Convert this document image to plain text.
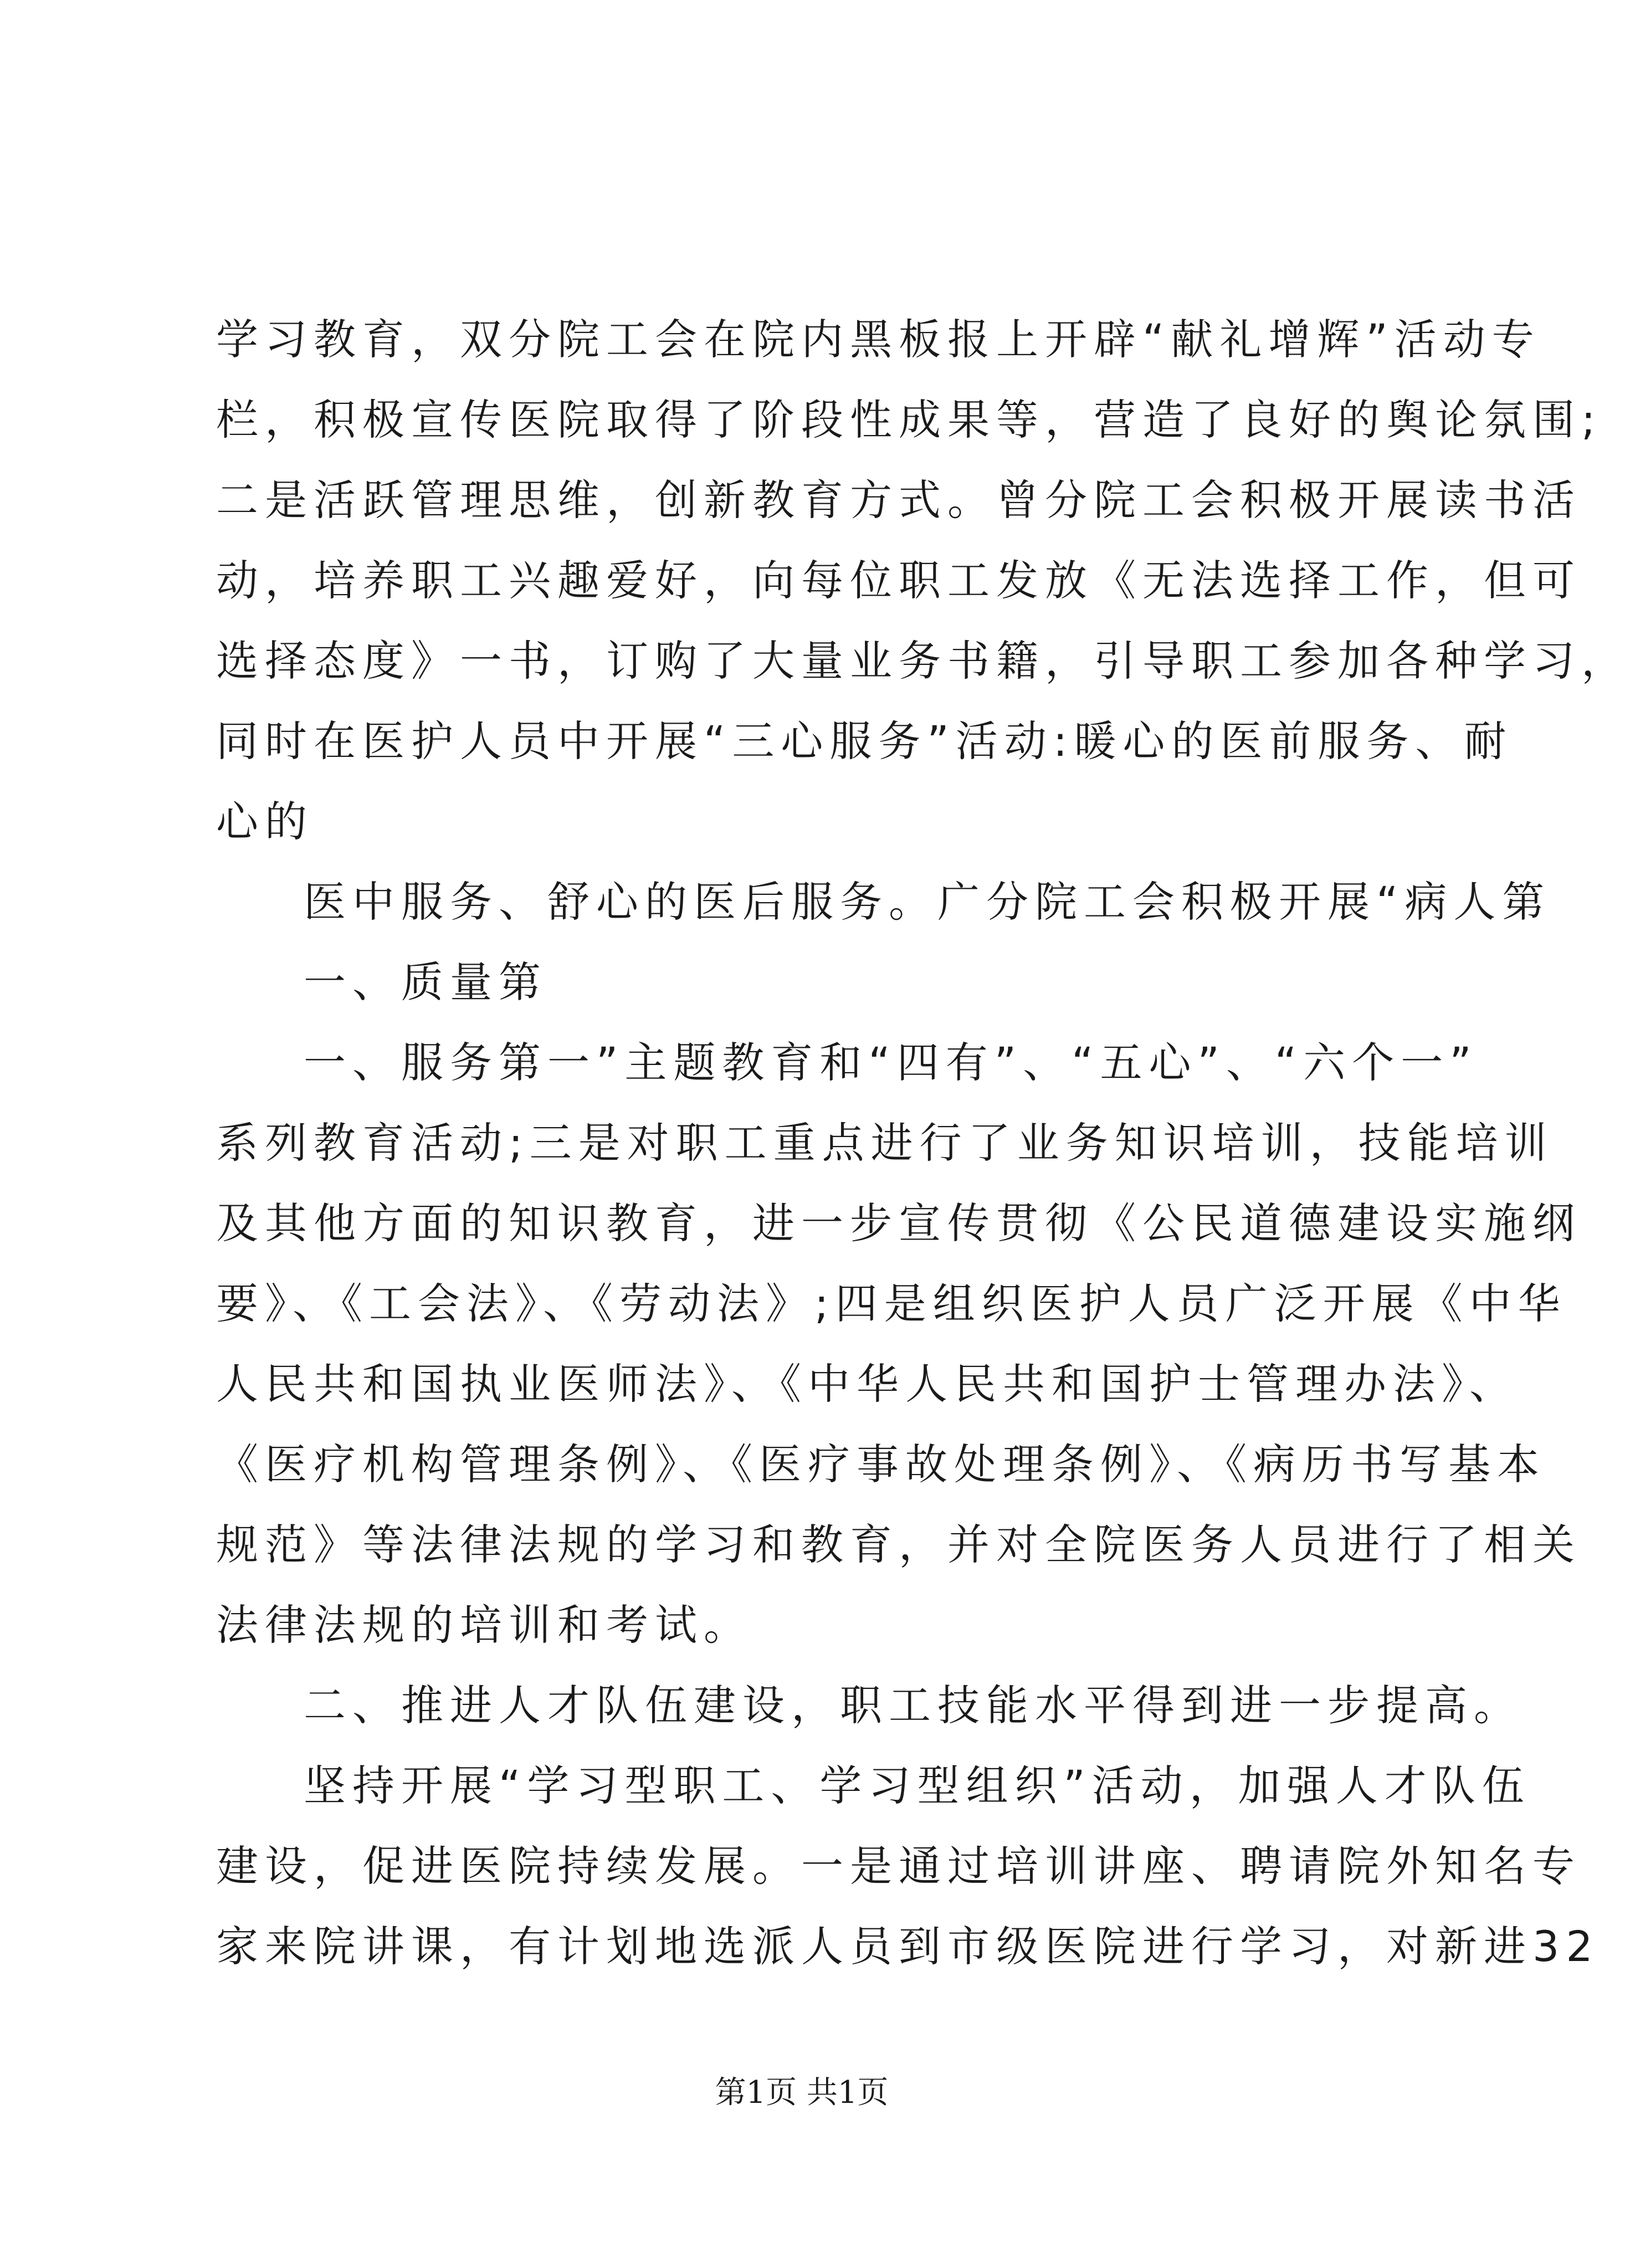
学习教育，双分院工会在院内黑板报上开辟“献礼增辉”活动专
栏，积极宣传医院取得了阶段性成果等，营造了良好的舆论氛围;
二是活跃管理思维，创新教育方式。曾分院工会积极开展读书活
动，培养职工兴趣爱好，向每位职工发放《无法选择工作，但可
选择态度》一书，订购了大量业务书籍，引导职工参加各种学习，
同时在医护人员中开展“三心服务”活动:暖心的医前服务、耐
心的
医中服务、舒心的医后服务。广分院工会积极开展“病人第
一、质量第
一、服务第一”主题教育和“四有”、“五心”、“六个一”
系列教育活动;三是对职工重点进行了业务知识培训，技能培训
及其他方面的知识教育，进一步宣传贯彻《公民道德建设实施纲
要》、《工会法》、《劳动法》;四是组织医护人员广泛开展《中华
人民共和国执业医师法》、《中华人民共和国护士管理办法》、
《医疗机构管理条例》、《医疗事故处理条例》、《病历书写基本
规范》等法律法规的学习和教育，并对全院医务人员进行了相关
法律法规的培训和考试。
二、推进人才队伍建设，职工技能水平得到进一步提高。
坚持开展“学习型职工、学习型组织”活动，加强人才队伍
建设，促进医院持续发展。一是通过培训讲座、聘请院外知名专
家来院讲课，有计划地选派人员到市级医院进行学习，对新进32
第1页 共1页
